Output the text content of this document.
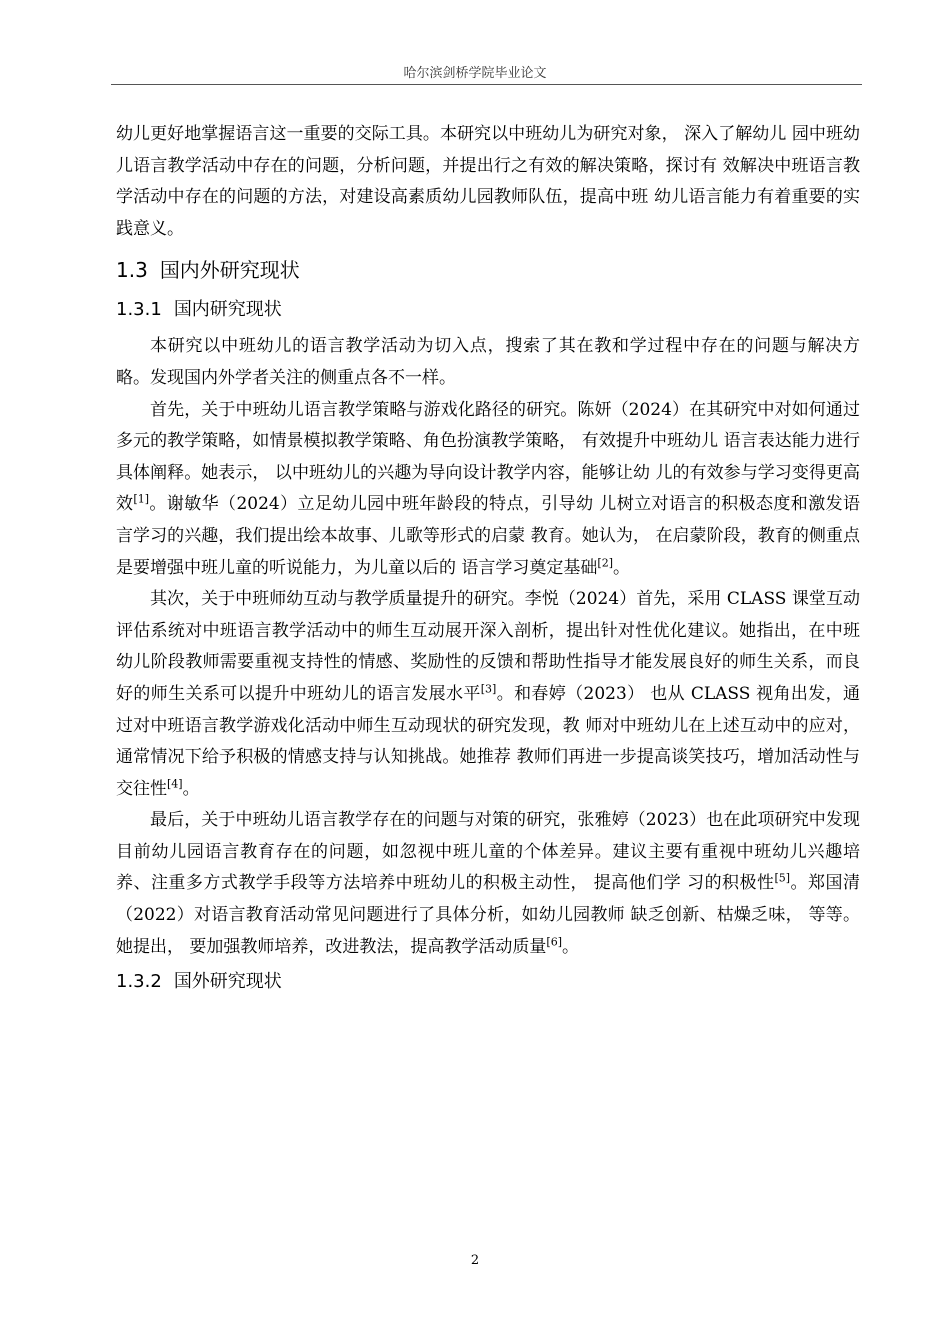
哈尔滨剑桥学院毕业论文

幼儿更好地掌握语言这一重要的交际工具。本研究以中班幼儿为研究对象， 深入了解幼儿 园中班幼儿语言教学活动中存在的问题，分析问题，并提出行之有效的解决策略，探讨有 效解决中班语言教学活动中存在的问题的方法，对建设高素质幼儿园教师队伍，提高中班 幼儿语言能力有着重要的实践意义。

1.3 国内外研究现状
1.3.1 国内研究现状

本研究以中班幼儿的语言教学活动为切入点，搜索了其在教和学过程中存在的问题与解决方略。发现国内外学者关注的侧重点各不一样。

首先，关于中班幼儿语言教学策略与游戏化路径的研究。陈妍（2024）在其研究中对如何通过多元的教学策略，如情景模拟教学策略、角色扮演教学策略， 有效提升中班幼儿 语言表达能力进行具体阐释。她表示， 以中班幼儿的兴趣为导向设计教学内容，能够让幼 儿的有效参与学习变得更高效[1]。谢敏华（2024）立足幼儿园中班年龄段的特点，引导幼 儿树立对语言的积极态度和激发语言学习的兴趣，我们提出绘本故事、儿歌等形式的启蒙 教育。她认为， 在启蒙阶段，教育的侧重点是要增强中班儿童的听说能力，为儿童以后的 语言学习奠定基础[2]。

其次，关于中班师幼互动与教学质量提升的研究。李悦（2024）首先，采用 CLASS 课堂互动评估系统对中班语言教学活动中的师生互动展开深入剖析，提出针对性优化建议。她指出，在中班幼儿阶段教师需要重视支持性的情感、奖励性的反馈和帮助性指导才能发展良好的师生关系，而良好的师生关系可以提升中班幼儿的语言发展水平[3]。和春婷（2023） 也从 CLASS 视角出发，通过对中班语言教学游戏化活动中师生互动现状的研究发现，教 师对中班幼儿在上述互动中的应对，通常情况下给予积极的情感支持与认知挑战。她推荐 教师们再进一步提高谈笑技巧，增加活动性与交往性[4]。

最后，关于中班幼儿语言教学存在的问题与对策的研究，张雅婷（2023）也在此项研究中发现目前幼儿园语言教育存在的问题，如忽视中班儿童的个体差异。建议主要有重视中班幼儿兴趣培养、注重多方式教学手段等方法培养中班幼儿的积极主动性， 提高他们学 习的积极性[5]。郑国清（2022）对语言教育活动常见问题进行了具体分析，如幼儿园教师 缺乏创新、枯燥乏味， 等等。她提出， 要加强教师培养，改进教法，提高教学活动质量[6]。

1.3.2 国外研究现状
2
